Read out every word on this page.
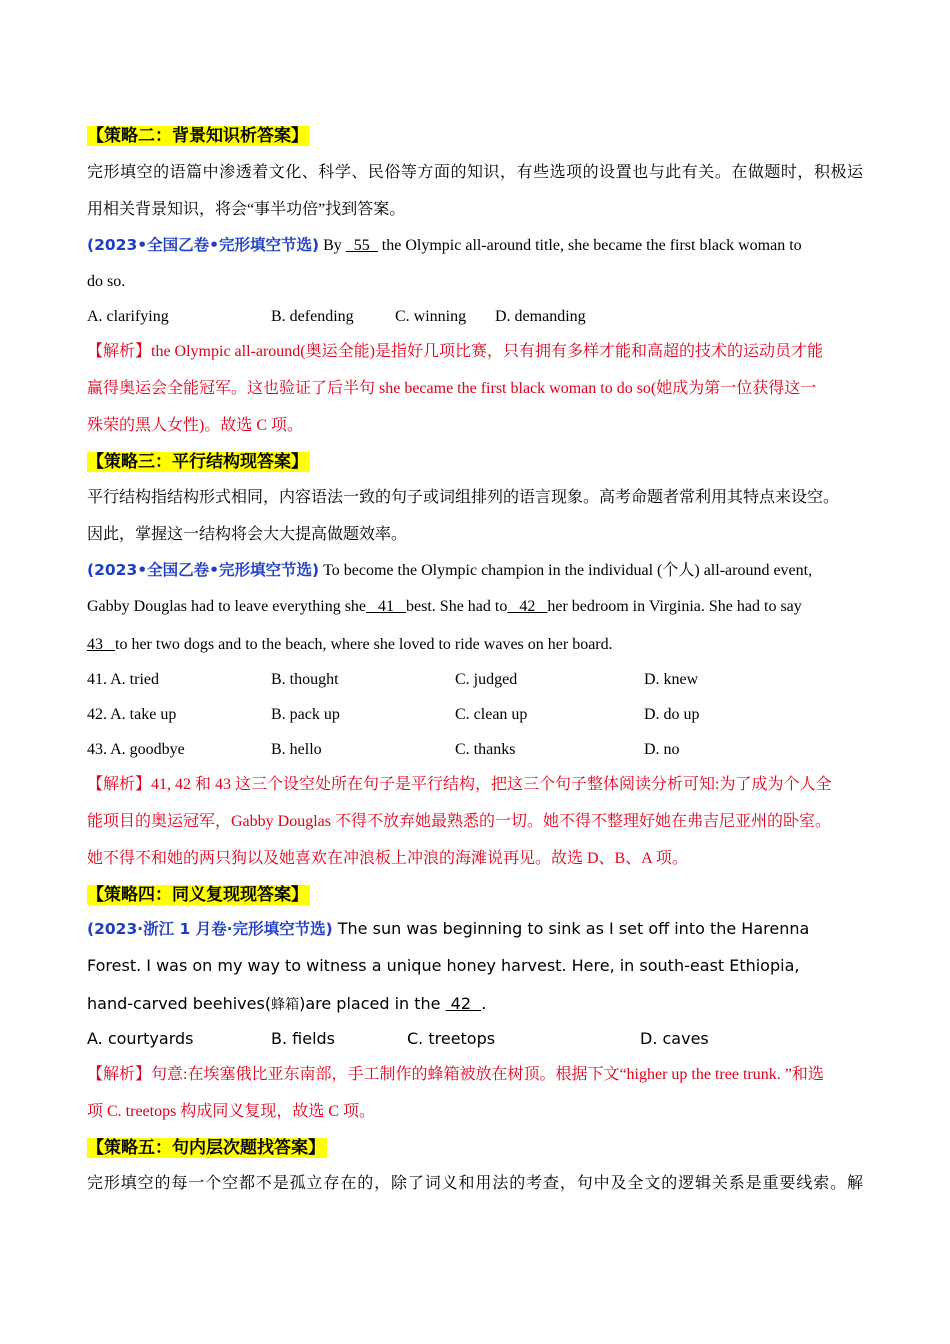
【策略二：背景知识析答案】
完形填空的语篇中渗透着文化、科学、民俗等方面的知识，有些选项的设置也与此有关。在做题时，积极运
用相关背景知识，将会“事半功倍”找到答案。
(2023•全国乙卷•完形填空节选) By   55   the Olympic all-around title, she became the first black woman to
do so.
A. clarifying	B. defending	C. winning D. demanding
【解析】the Olympic all-around(奥运全能)是指好几项比赛，只有拥有多样才能和高超的技术的运动员才能
赢得奥运会全能冠军。这也验证了后半句 she became the first black woman to do so(她成为第一位获得这一
殊荣的黑人女性)。故选 C 项。
【策略三：平行结构现答案】
平行结构指结构形式相同，内容语法一致的句子或词组排列的语言现象。高考命题者常利用其特点来设空。
因此，掌握这一结构将会大大提高做题效率。
(2023•全国乙卷•完形填空节选) To become the Olympic champion in the individual (个人) all-around event,
Gabby Douglas had to leave everything she   41   best. She had to   42   her bedroom in Virginia. She had to say
43   to her two dogs and to the beach, where she loved to ride waves on her board.
41. A. tried	B. thought	C. judged	D. knew
42. A. take up	B. pack up	C. clean up	D. do up
43. A. goodbye	B. hello	C. thanks	D. no
【解析】41, 42 和 43 这三个设空处所在句子是平行结构，把这三个句子整体阅读分析可知:为了成为个人全
能项目的奥运冠军，Gabby Douglas 不得不放弃她最熟悉的一切。她不得不整理好她在弗吉尼亚州的卧室。
她不得不和她的两只狗以及她喜欢在冲浪板上冲浪的海滩说再见。故选 D、B、A 项。
【策略四：同义复现现答案】
(2023·浙江 1 月卷·完形填空节选) The sun was beginning to sink as I set off into the Harenna
Forest. I was on my way to witness a unique honey harvest. Here, in south-east Ethiopia,
hand-carved beehives(蜂箱)are placed in the  42  .
A. courtyards	B. fields	C. treetops	D. caves
【解析】句意:在埃塞俄比亚东南部，手工制作的蜂箱被放在树顶。根据下文“higher up the tree trunk. ”和选
项 C. treetops 构成同义复现，故选 C 项。
【策略五：句内层次题找答案】
完形填空的每一个空都不是孤立存在的，除了词义和用法的考查，句中及全文的逻辑关系是重要线索。解
